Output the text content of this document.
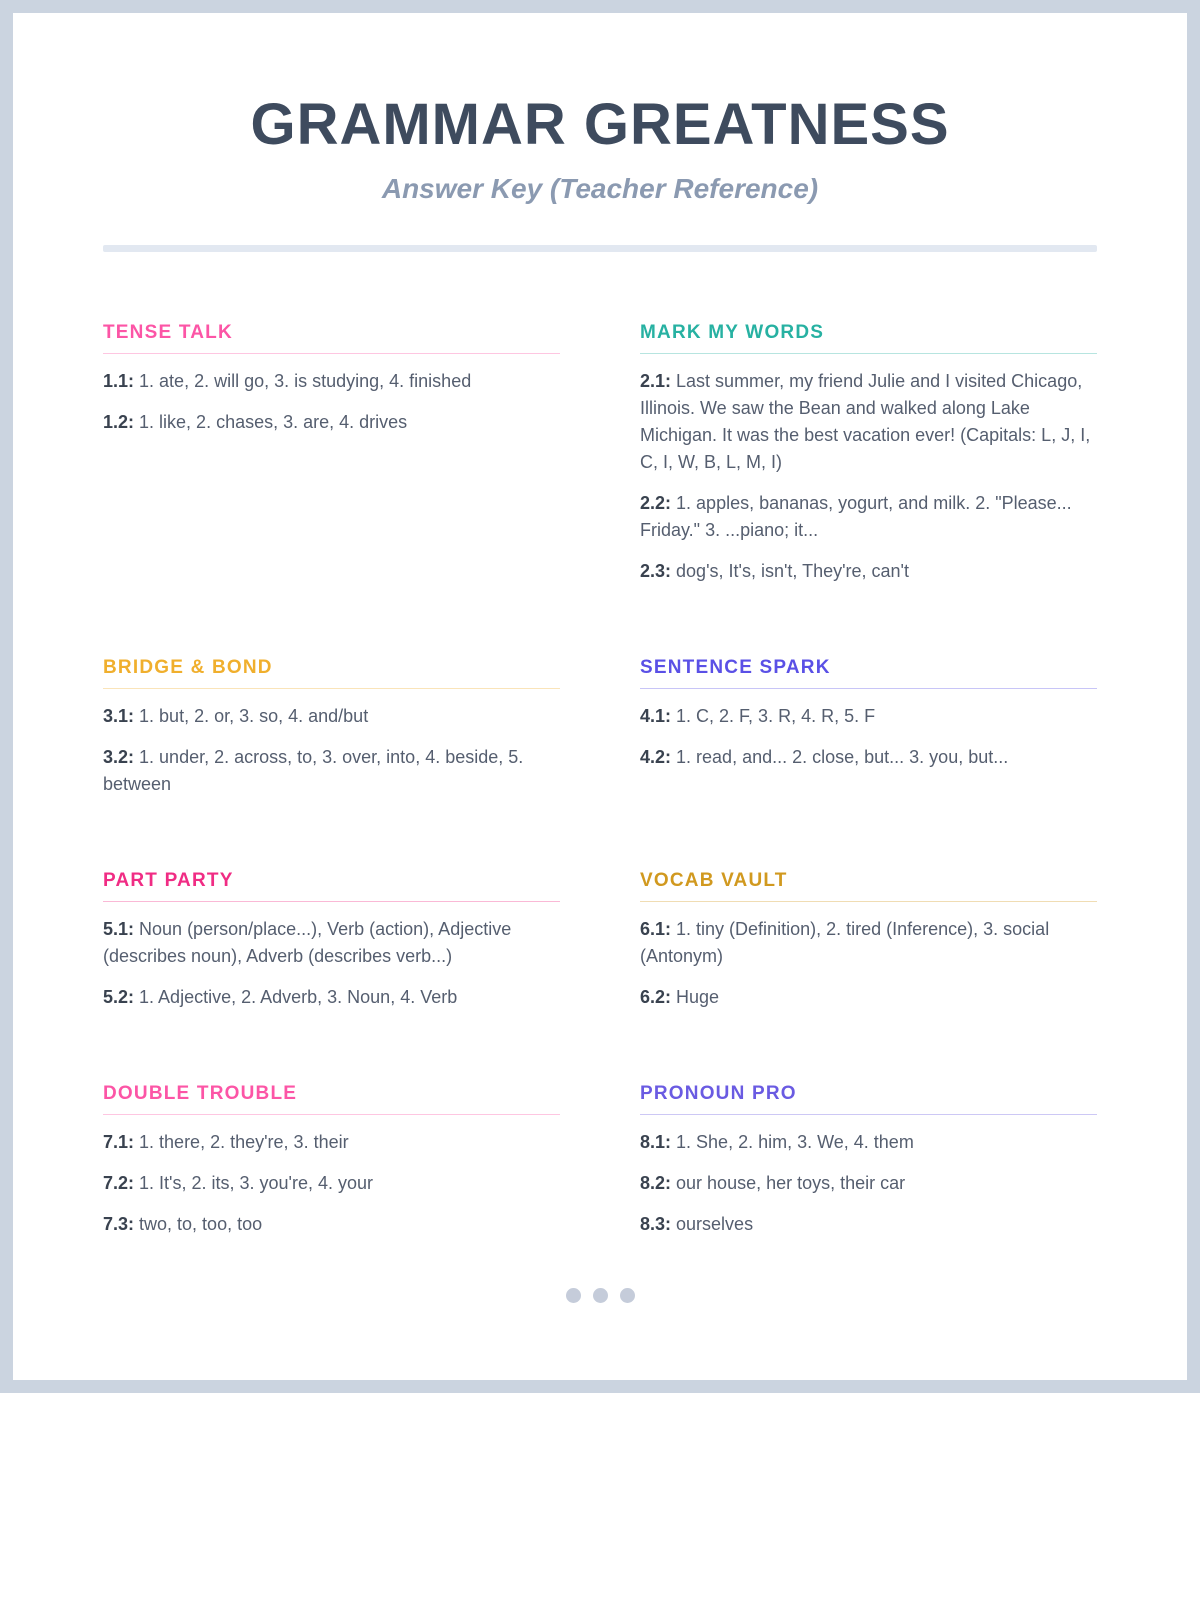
GRAMMAR GREATNESS
Answer Key (Teacher Reference)
TENSE TALK

1.1: 1. ate, 2. will go, 3. is studying, 4. finished

1.2: 1. like, 2. chases, 3. are, 4. drives

MARK MY WORDS

2.1: Last summer, my friend Julie and I visited Chicago, Illinois. We saw the Bean and walked along Lake Michigan. It was the best vacation ever! (Capitals: L, J, I, C, I, W, B, L, M, I)

2.2: 1. apples, bananas, yogurt, and milk. 2. "Please... Friday." 3. ...piano; it...

2.3: dog's, It's, isn't, They're, can't

BRIDGE & BOND

3.1: 1. but, 2. or, 3. so, 4. and/but

3.2: 1. under, 2. across, to, 3. over, into, 4. beside, 5. between

SENTENCE SPARK

4.1: 1. C, 2. F, 3. R, 4. R, 5. F

4.2: 1. read, and... 2. close, but... 3. you, but...

PART PARTY

5.1: Noun (person/place...), Verb (action), Adjective (describes noun), Adverb (describes verb...)

5.2: 1. Adjective, 2. Adverb, 3. Noun, 4. Verb

VOCAB VAULT

6.1: 1. tiny (Definition), 2. tired (Inference), 3. social (Antonym)

6.2: Huge

DOUBLE TROUBLE

7.1: 1. there, 2. they're, 3. their

7.2: 1. It's, 2. its, 3. you're, 4. your

7.3: two, to, too, too

PRONOUN PRO

8.1: 1. She, 2. him, 3. We, 4. them

8.2: our house, her toys, their car

8.3: ourselves
